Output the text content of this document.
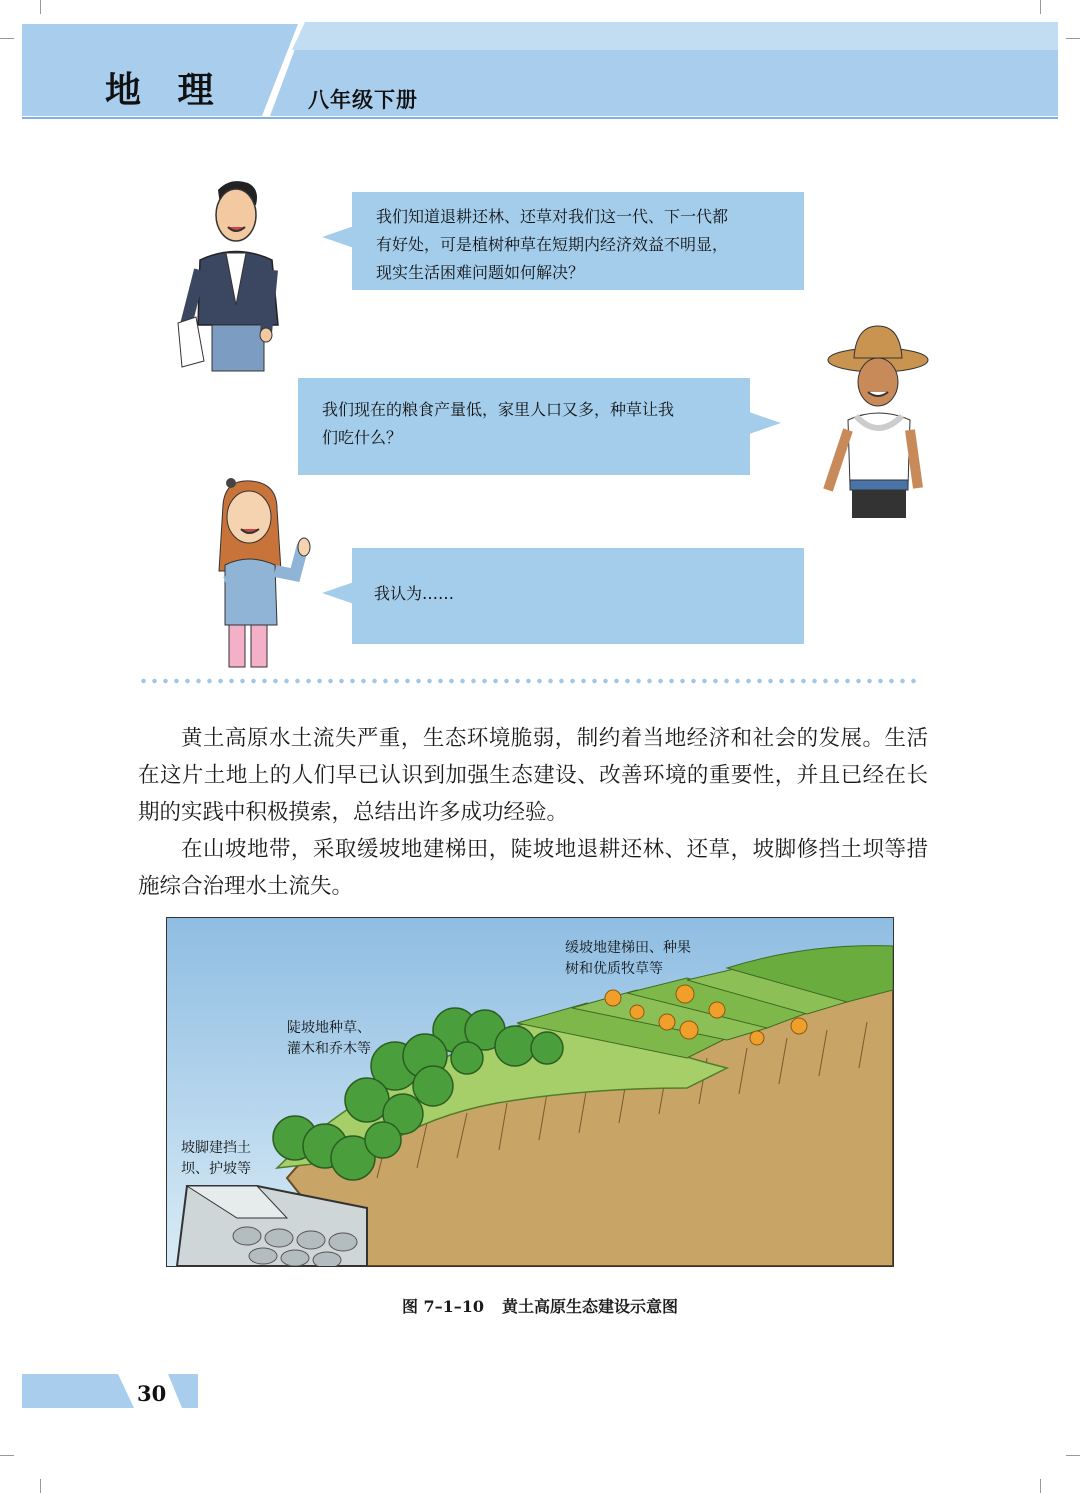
地 理	八年级下册
我们知道退耕还林、还草对我们这一代、下一代都
有好处，可是植树种草在短期内经济效益不明显，
现实生活困难问题如何解决？
我们现在的粮食产量低，家里人口又多，种草让我
们吃什么？
我认为……

黄土高原水土流失严重，生态环境脆弱，制约着当地经济和社会的发展。生活在这片土地上的人们早已认识到加强生态建设、改善环境的重要性，并且已经在长期的实践中积极摸索，总结出许多成功经验。

在山坡地带，采取缓坡地建梯田，陡坡地退耕还林、还草，坡脚修挡土坝等措施综合治理水土流失。

缓坡地建梯田、种果
树和优质牧草等
陡坡地种草、
灌木和乔木等
坡脚建挡土
坝、护坡等
图 7–1–10 黄土高原生态建设示意图
30
